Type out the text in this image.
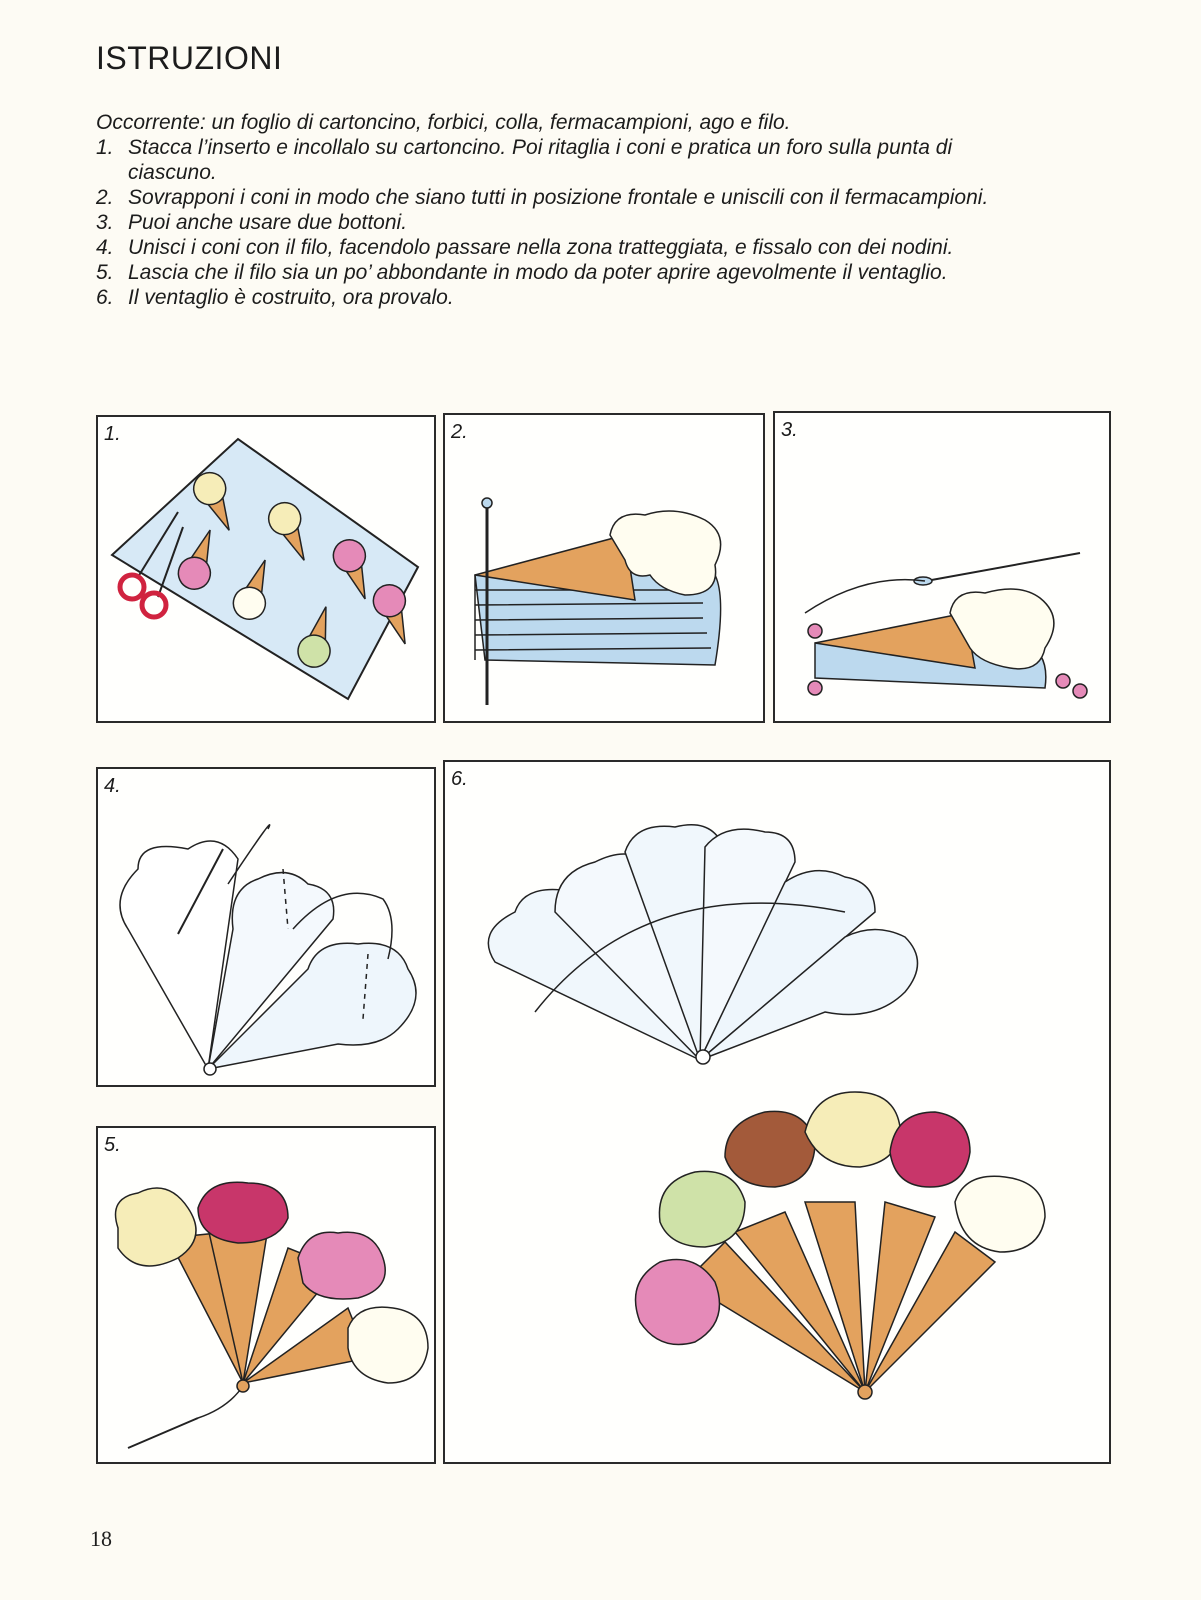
ISTRUZIONI
Occorrente: un foglio di cartoncino, forbici, colla, fermacampioni, ago e filo.
1. Stacca l’inserto e incollalo su cartoncino. Poi ritaglia i coni e pratica un foro sulla punta di ciascuno.
2. Sovrapponi i coni in modo che siano tutti in posizione frontale e uniscili con il fermacampioni.
3. Puoi anche usare due bottoni.
4. Unisci i coni con il filo, facendolo passare nella zona tratteggiata, e fissalo con dei nodini.
5. Lascia che il filo sia un po’ abbondante in modo da poter aprire agevolmente il ventaglio.
6. Il ventaglio è costruito, ora provalo.
1.	2.	3.
4.
5.
6.
18
